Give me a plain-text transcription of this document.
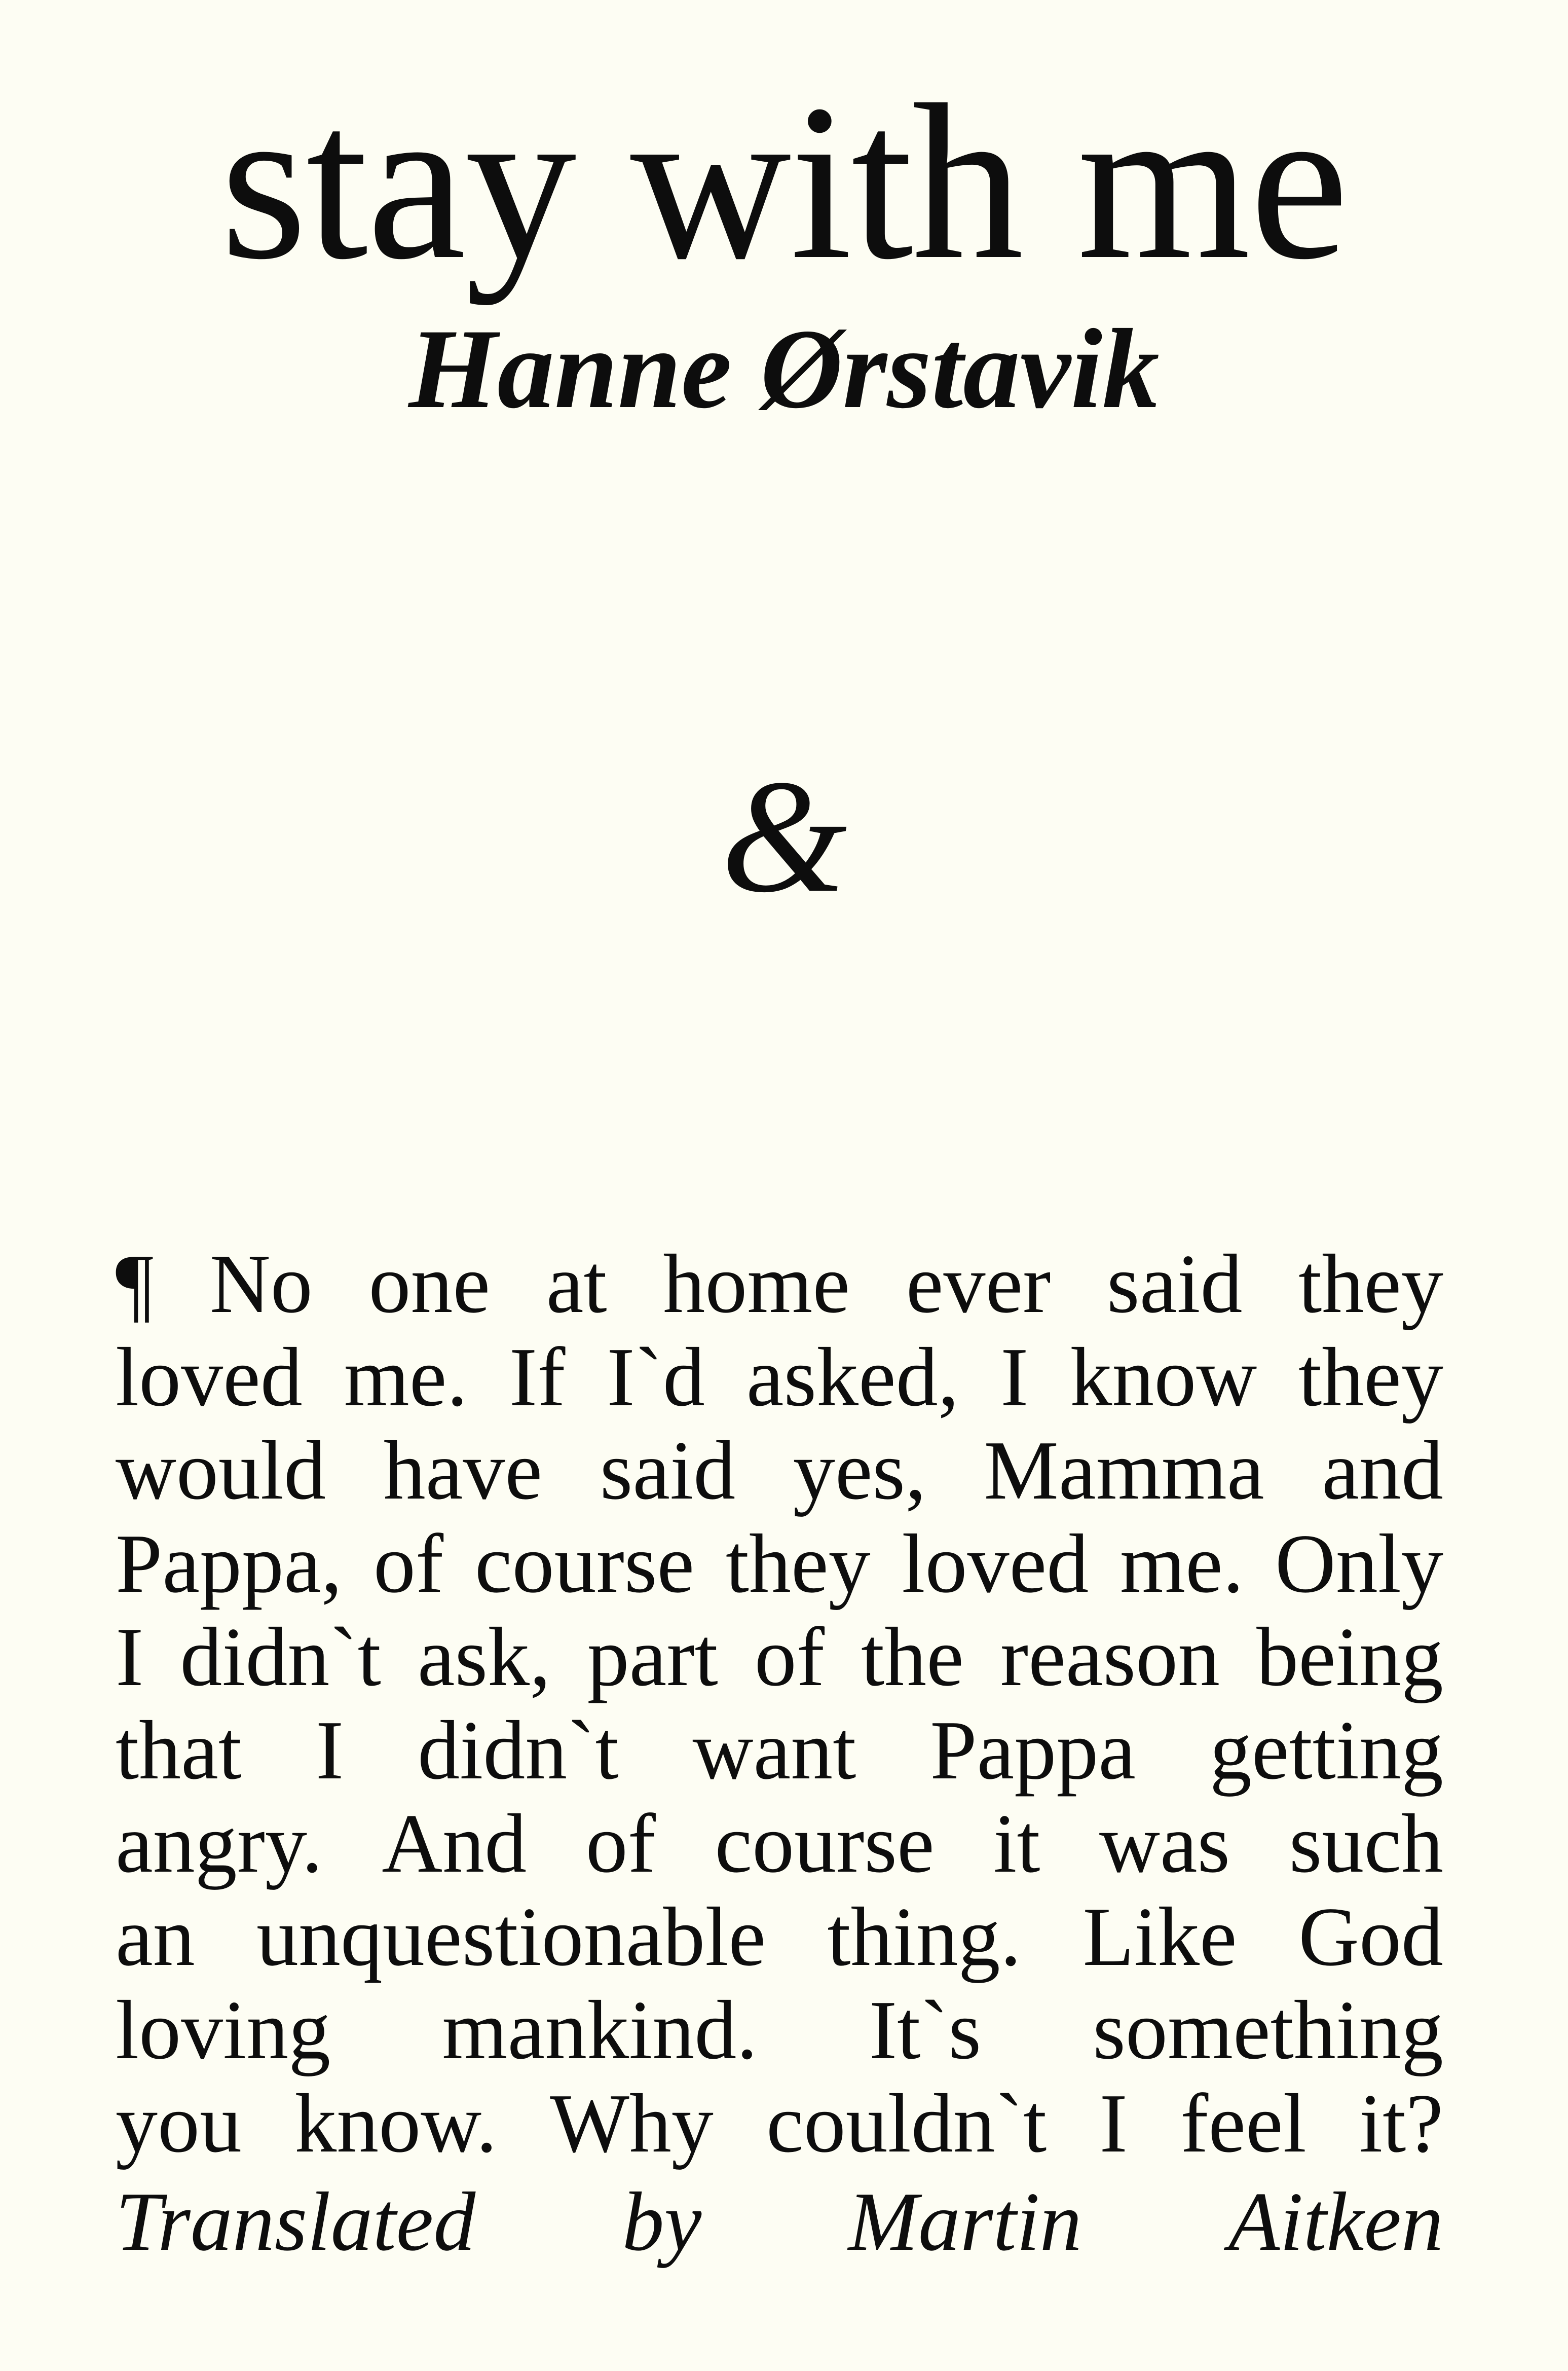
stay with me
Hanne Ørstavik
&
¶ No one at home ever said they
loved me. If I`d asked, I know they
would have said yes, Mamma and
Pappa, of course they loved me. Only
I didn`t ask, part of the reason being
that I didn`t want Pappa getting
angry. And of course it was such
an unquestionable thing. Like God
loving mankind. It`s something
you know. Why couldn`t I feel it?
Translated by Martin Aitken
